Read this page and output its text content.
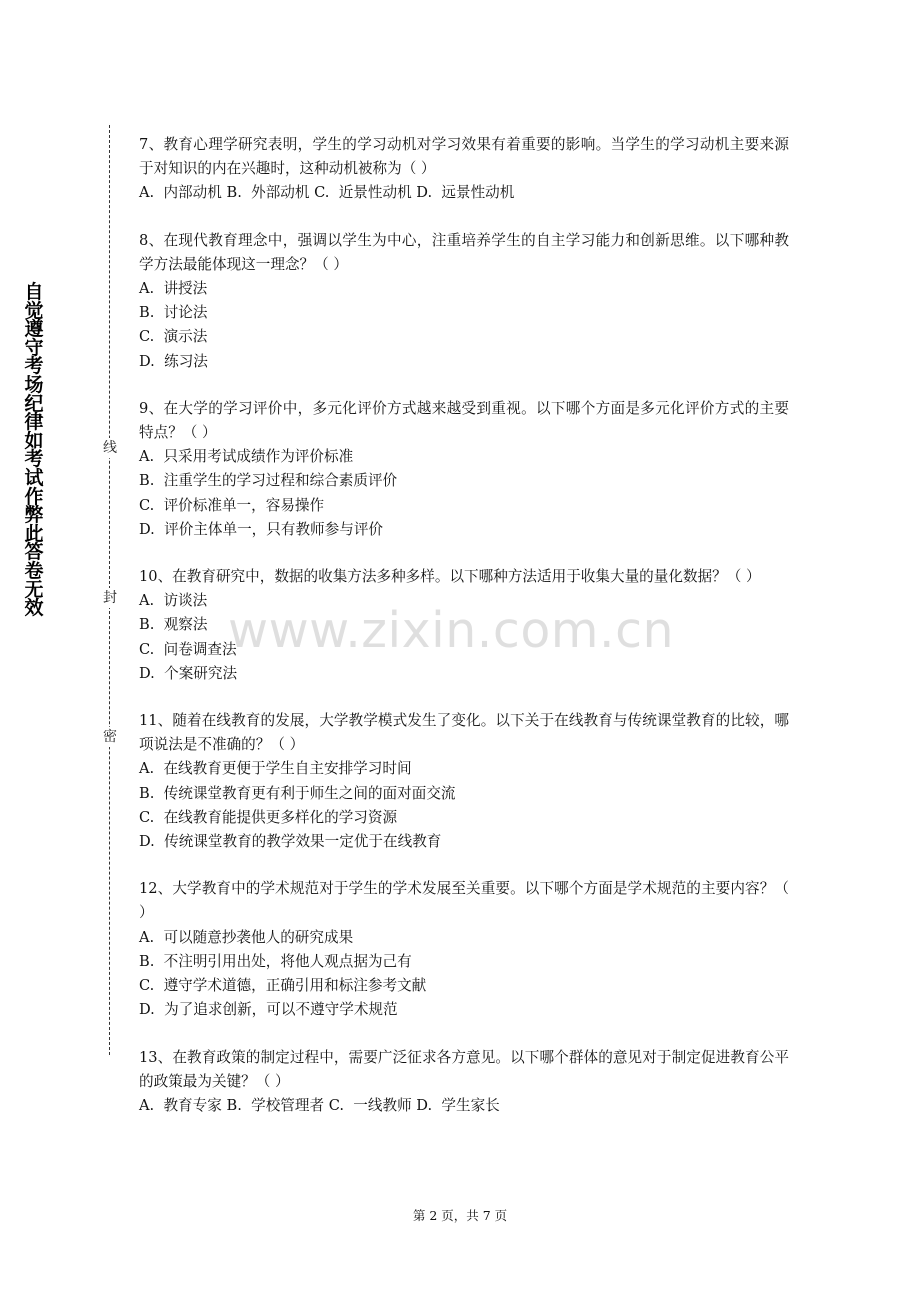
自觉遵守考场纪律如考试作弊此答卷无效
线
封
密
www.zixin.com.cn

7、教育心理学研究表明，学生的学习动机对学习效果有着重要的影响。当学生的学习动机主要来源于对知识的内在兴趣时，这种动机被称为（ ）

A.  内部动机 B.  外部动机 C.  近景性动机 D.  远景性动机

8、在现代教育理念中，强调以学生为中心，注重培养学生的自主学习能力和创新思维。以下哪种教学方法最能体现这一理念？（ ）

A.  讲授法

B.  讨论法

C.  演示法

D.  练习法

9、在大学的学习评价中，多元化评价方式越来越受到重视。以下哪个方面是多元化评价方式的主要特点？（ ）

A.  只采用考试成绩作为评价标准

B.  注重学生的学习过程和综合素质评价

C.  评价标准单一，容易操作

D.  评价主体单一，只有教师参与评价

10、在教育研究中，数据的收集方法多种多样。以下哪种方法适用于收集大量的量化数据？（ ）

A.  访谈法

B.  观察法

C.  问卷调查法

D.  个案研究法

11、随着在线教育的发展，大学教学模式发生了变化。以下关于在线教育与传统课堂教育的比较，哪项说法是不准确的？（ ）

A.  在线教育更便于学生自主安排学习时间

B.  传统课堂教育更有利于师生之间的面对面交流

C.  在线教育能提供更多样化的学习资源

D.  传统课堂教育的教学效果一定优于在线教育

12、大学教育中的学术规范对于学生的学术发展至关重要。以下哪个方面是学术规范的主要内容？（ ）

A.  可以随意抄袭他人的研究成果

B.  不注明引用出处，将他人观点据为己有

C.  遵守学术道德，正确引用和标注参考文献

D.  为了追求创新，可以不遵守学术规范

13、在教育政策的制定过程中，需要广泛征求各方意见。以下哪个群体的意见对于制定促进教育公平的政策最为关键？（ ）

A.  教育专家 B.  学校管理者 C.  一线教师 D.  学生家长

第 2 页，共 7 页
